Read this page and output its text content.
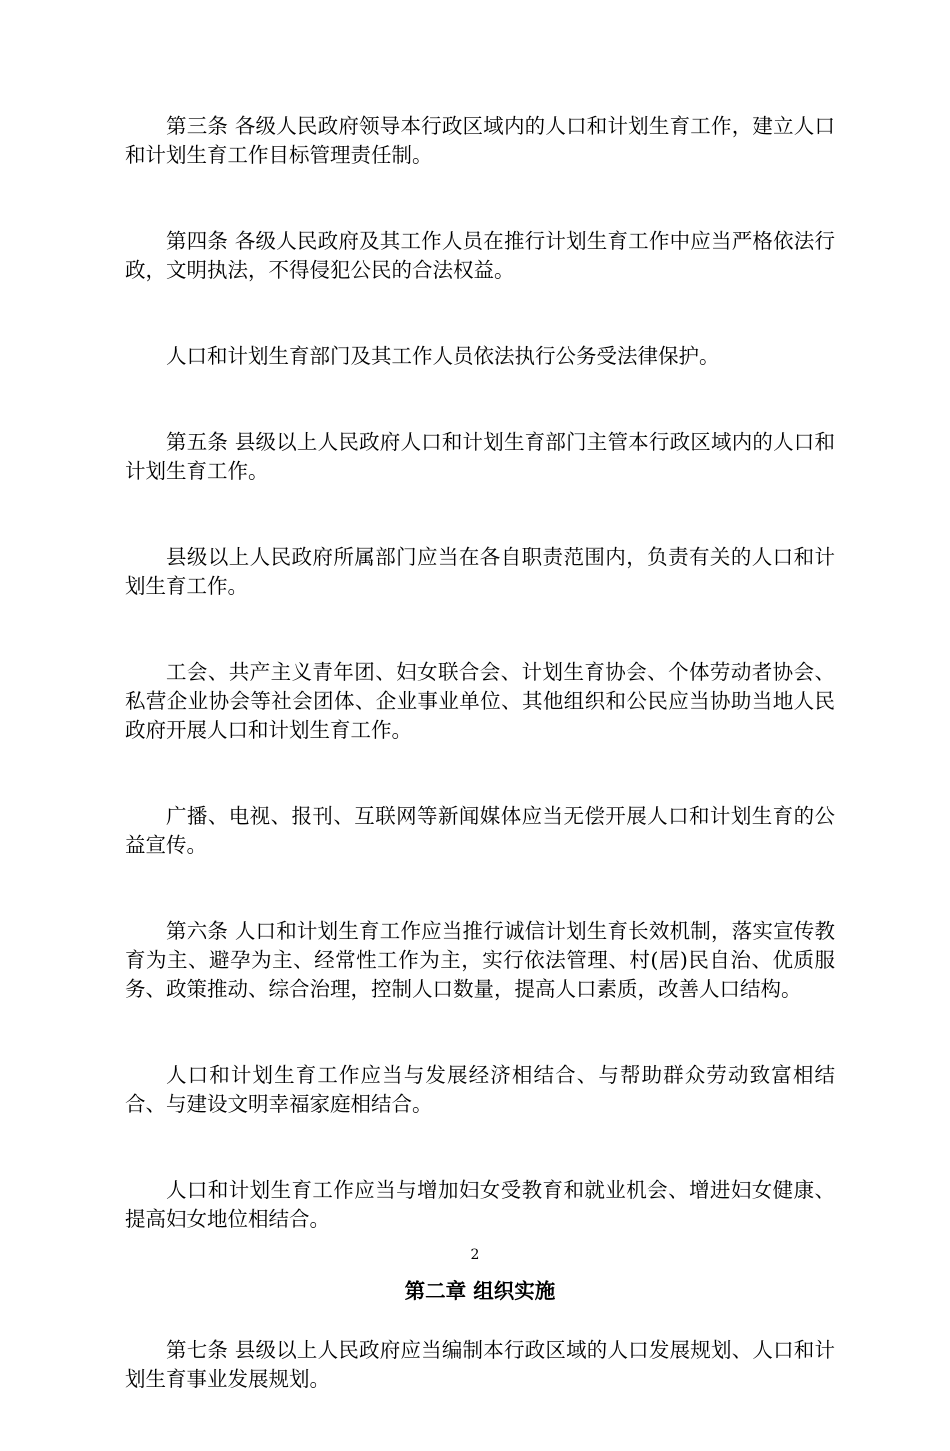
第三条 各级人民政府领导本行政区域内的人口和计划生育工作，建立人口和计划生育工作目标管理责任制。

第四条 各级人民政府及其工作人员在推行计划生育工作中应当严格依法行政，文明执法，不得侵犯公民的合法权益。

人口和计划生育部门及其工作人员依法执行公务受法律保护。

第五条 县级以上人民政府人口和计划生育部门主管本行政区域内的人口和计划生育工作。

县级以上人民政府所属部门应当在各自职责范围内，负责有关的人口和计划生育工作。

工会、共产主义青年团、妇女联合会、计划生育协会、个体劳动者协会、私营企业协会等社会团体、企业事业单位、其他组织和公民应当协助当地人民政府开展人口和计划生育工作。

广播、电视、报刊、互联网等新闻媒体应当无偿开展人口和计划生育的公益宣传。

第六条 人口和计划生育工作应当推行诚信计划生育长效机制，落实宣传教育为主、避孕为主、经常性工作为主，实行依法管理、村(居)民自治、优质服务、政策推动、综合治理，控制人口数量，提高人口素质，改善人口结构。

人口和计划生育工作应当与发展经济相结合、与帮助群众劳动致富相结合、与建设文明幸福家庭相结合。

人口和计划生育工作应当与增加妇女受教育和就业机会、增进妇女健康、提高妇女地位相结合。

第二章 组织实施

第七条 县级以上人民政府应当编制本行政区域的人口发展规划、人口和计划生育事业发展规划。

2
